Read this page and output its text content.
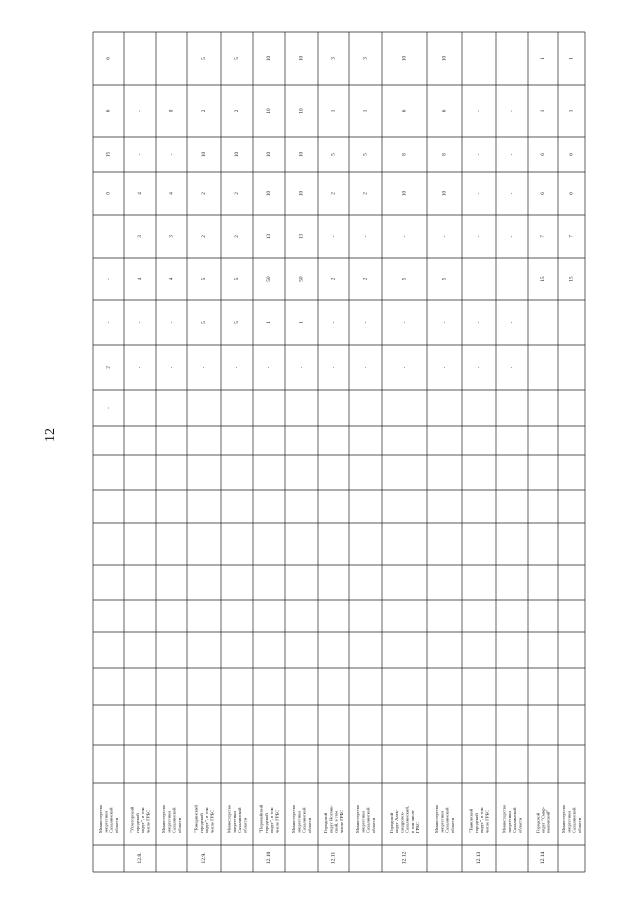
12
Министерство энергетики Сахалинской области
-
2
-
-
0
15
6
6
12.8.
"Углегорский городской округ", в том числе ГРБС
-
-
4
3
4
-
-
Министерство энергетики Сахалинской области
-
-
4
3
4
-
0
12.9.
"Томаринский городской округ", в том числе ГРБС
-
5
5
2
2
10
2
5
Министерство энергетики Сахалинской области
-
5
5
2
2
10
2
5
12.10
"Поронайский городской округ", в том числе ГРБС
-
1
50
13
10
10
10
10
Министерство энергетики Сахалинской области
-
1
50
13
10
10
10
10
12.11
Городской округ Ноглик- ский, в том числе ГРБС
-
-
2
-
2
5
1
3
Министерство энергетики Сахалинской области
-
-
2
-
2
5
1
3
12.12
Городской округ Алек- сандровск- Сахалинский, в том числе ГРБС
-
-
5
-
10
8
6
10
Министерство энергетики Сахалинской области
-
-
5
-
10
8
6
10
12.13
"Тымовский городской округ", в том числе ГРБС
-
-
-
-
-
-
Министерство энергетики Сахалинской области
-
-
-
-
-
-
12.14
Городской округ "Смир- ныховский"
15
7
6
6
1
1
Министерство энергетики Сахалинской области
15
7
6
6
1
1
